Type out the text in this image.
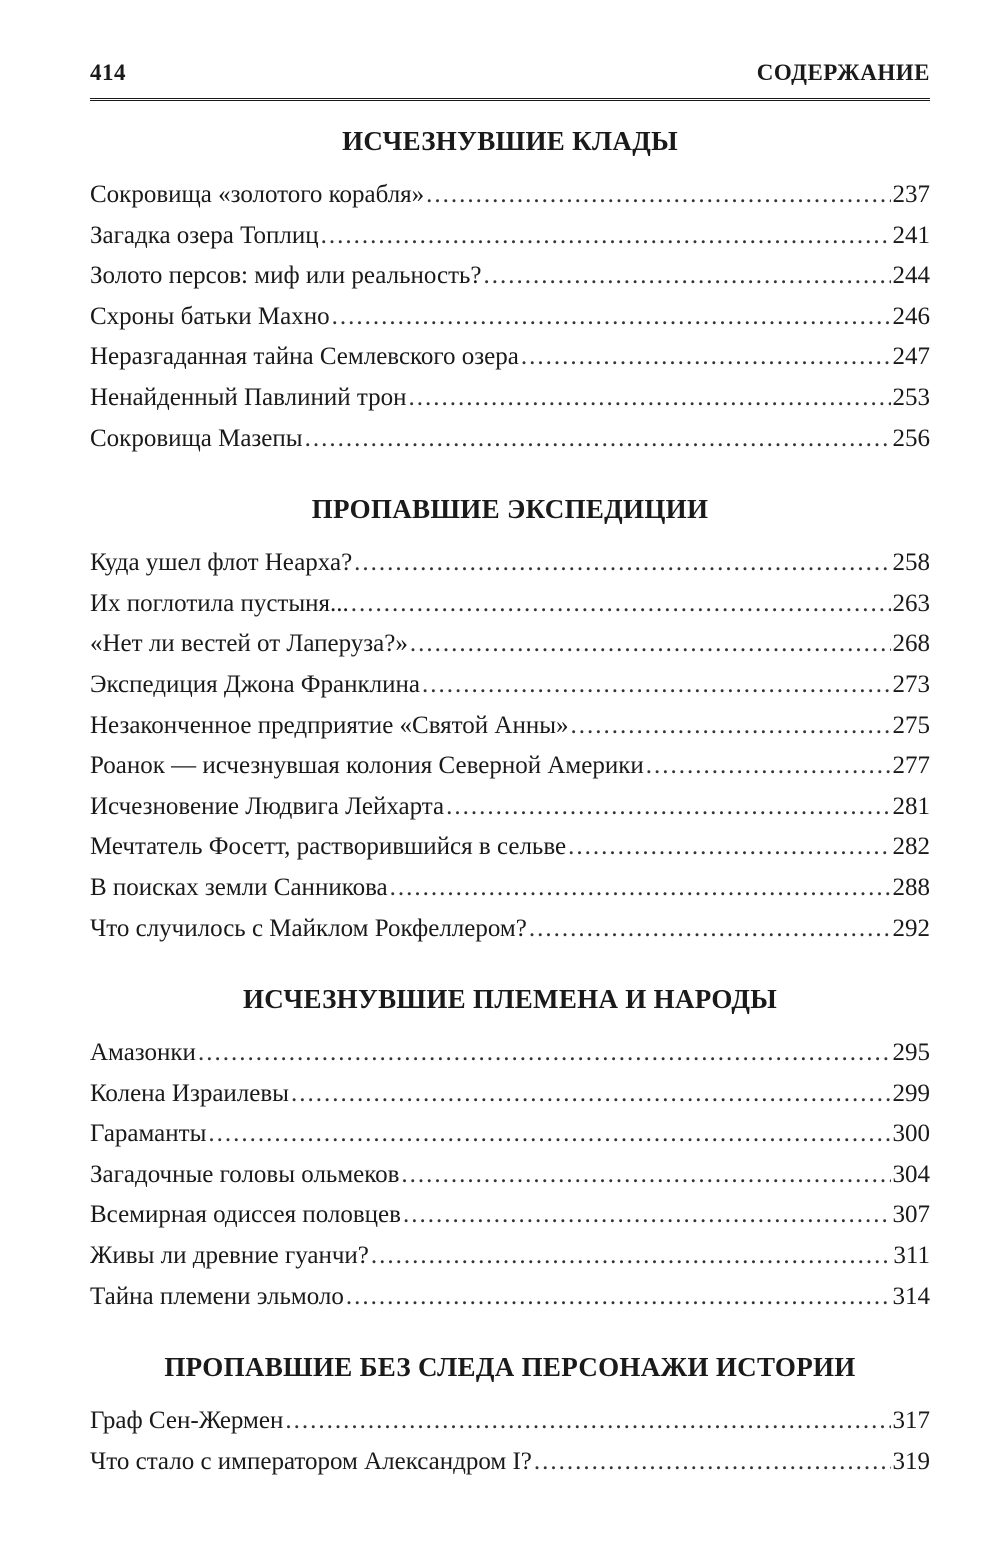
414	СОДЕРЖАНИЕ
ИСЧЕЗНУВШИЕ КЛАДЫ
Сокровища «золотого корабля» .....	237
Загадка озера Топлиц .....	241
Золото персов: миф или реальность? .....	244
Схроны батьки Махно .....	246
Неразгаданная тайна Семлевского озера .....	247
Ненайденный Павлиний трон .....	253
Сокровища Мазепы .....	256
ПРОПАВШИЕ ЭКСПЕДИЦИИ
Куда ушел флот Неарха? .....	258
Их поглотила пустыня... .....	263
«Нет ли вестей от Лаперуза?» .....	268
Экспедиция Джона Франклина .....	273
Незаконченное предприятие «Святой Анны» .....	275
Роанок — исчезнувшая колония Северной Америки .....	277
Исчезновение Людвига Лейхарта .....	281
Мечтатель Фосетт, растворившийся в сельве .....	282
В поисках земли Санникова .....	288
Что случилось с Майклом Рокфеллером? .....	292
ИСЧЕЗНУВШИЕ ПЛЕМЕНА И НАРОДЫ
Амазонки .....	295
Колена Израилевы .....	299
Гараманты .....	300
Загадочные головы ольмеков .....	304
Всемирная одиссея половцев .....	307
Живы ли древние гуанчи? .....	311
Тайна племени эльмоло .....	314
ПРОПАВШИЕ БЕЗ СЛЕДА ПЕРСОНАЖИ ИСТОРИИ
Граф Сен-Жермен .....	317
Что стало с императором Александром I? .....	319
